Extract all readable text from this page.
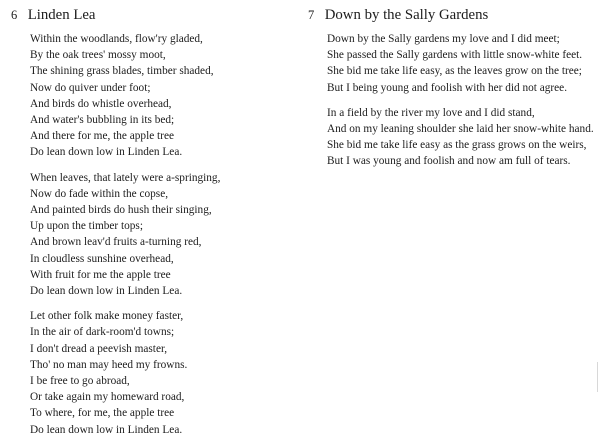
6 Linden Lea
Within the woodlands, flow'ry gladed,
By the oak trees' mossy moot,
The shining grass blades, timber shaded,
Now do quiver under foot;
And birds do whistle overhead,
And water's bubbling in its bed;
And there for me, the apple tree
Do lean down low in Linden Lea.
When leaves, that lately were a-springing,
Now do fade within the copse,
And painted birds do hush their singing,
Up upon the timber tops;
And brown leav'd fruits a-turning red,
In cloudless sunshine overhead,
With fruit for me the apple tree
Do lean down low in Linden Lea.
Let other folk make money faster,
In the air of dark-room'd towns;
I don't dread a peevish master,
Tho' no man may heed my frowns.
I be free to go abroad,
Or take again my homeward road,
To where, for me, the apple tree
Do lean down low in Linden Lea.
7 Down by the Sally Gardens
Down by the Sally gardens my love and I did meet;
She passed the Sally gardens with little snow-white feet.
She bid me take life easy, as the leaves grow on the tree;
But I being young and foolish with her did not agree.
In a field by the river my love and I did stand,
And on my leaning shoulder she laid her snow-white hand.
She bid me take life easy as the grass grows on the weirs,
But I was young and foolish and now am full of tears.
